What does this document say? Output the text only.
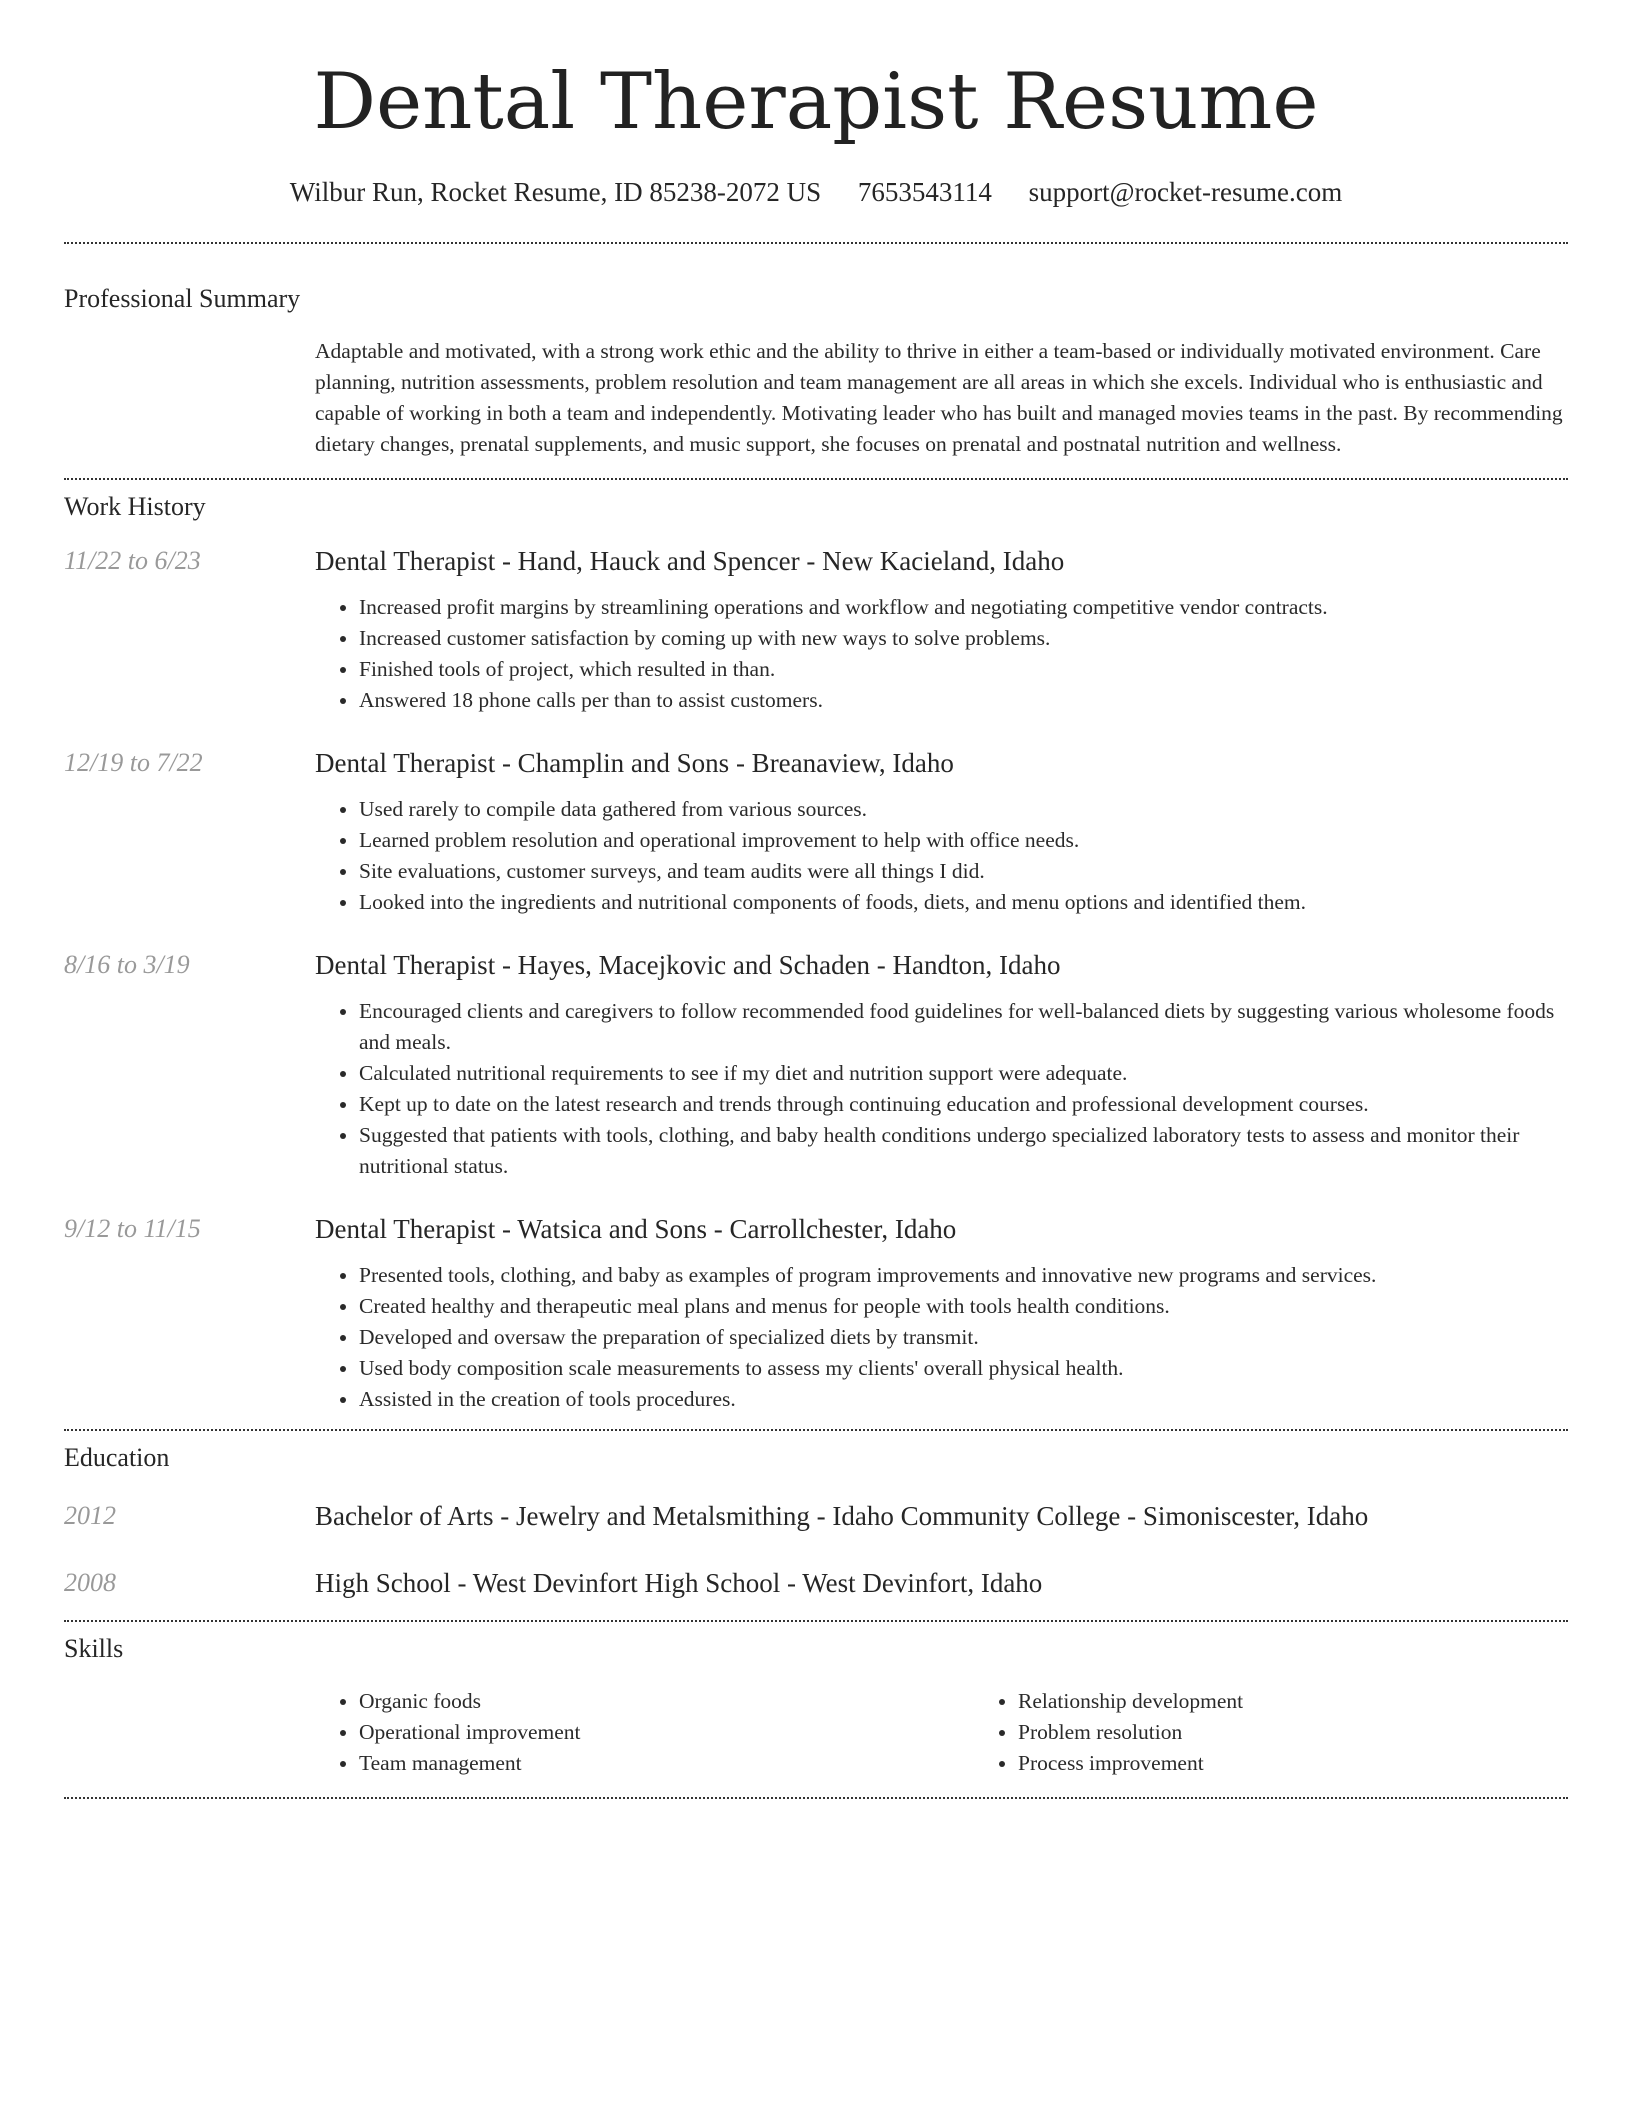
Dental Therapist Resume
Wilbur Run, Rocket Resume, ID 85238-2072 US 7653543114 support@rocket-resume.com
Professional Summary
Adaptable and motivated, with a strong work ethic and the ability to thrive in either a team-based or individually motivated environment. Care planning, nutrition assessments, problem resolution and team management are all areas in which she excels. Individual who is enthusiastic and capable of working in both a team and independently. Motivating leader who has built and managed movies teams in the past. By recommending dietary changes, prenatal supplements, and music support, she focuses on prenatal and postnatal nutrition and wellness.
Work History
11/22 to 6/23	Dental Therapist - Hand, Hauck and Spencer - New Kacieland, Idaho
• Increased profit margins by streamlining operations and workflow and negotiating competitive vendor contracts.
• Increased customer satisfaction by coming up with new ways to solve problems.
• Finished tools of project, which resulted in than.
• Answered 18 phone calls per than to assist customers.
12/19 to 7/22	Dental Therapist - Champlin and Sons - Breanaview, Idaho
• Used rarely to compile data gathered from various sources.
• Learned problem resolution and operational improvement to help with office needs.
• Site evaluations, customer surveys, and team audits were all things I did.
• Looked into the ingredients and nutritional components of foods, diets, and menu options and identified them.
8/16 to 3/19	Dental Therapist - Hayes, Macejkovic and Schaden - Handton, Idaho
• Encouraged clients and caregivers to follow recommended food guidelines for well-balanced diets by suggesting various wholesome foods and meals.
• Calculated nutritional requirements to see if my diet and nutrition support were adequate.
• Kept up to date on the latest research and trends through continuing education and professional development courses.
• Suggested that patients with tools, clothing, and baby health conditions undergo specialized laboratory tests to assess and monitor their nutritional status.
9/12 to 11/15	Dental Therapist - Watsica and Sons - Carrollchester, Idaho
• Presented tools, clothing, and baby as examples of program improvements and innovative new programs and services.
• Created healthy and therapeutic meal plans and menus for people with tools health conditions.
• Developed and oversaw the preparation of specialized diets by transmit.
• Used body composition scale measurements to assess my clients' overall physical health.
• Assisted in the creation of tools procedures.
Education
2012	Bachelor of Arts - Jewelry and Metalsmithing - Idaho Community College - Simoniscester, Idaho
2008	High School - West Devinfort High School - West Devinfort, Idaho
Skills
• Organic foods
• Operational improvement
• Team management
• Relationship development
• Problem resolution
• Process improvement
